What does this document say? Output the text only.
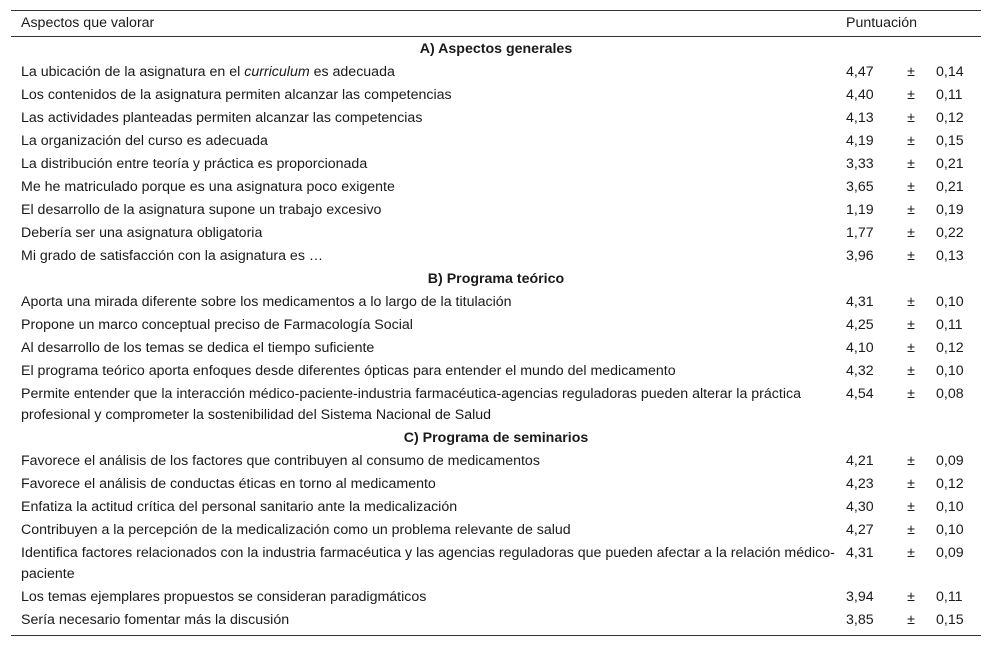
Aspectos que valorar	Puntuación		
A) Aspectos generales			
La ubicación de la asignatura en el curriculum es adecuada	4,47	±	0,14
Los contenidos de la asignatura permiten alcanzar las competencias	4,40	±	0,11
Las actividades planteadas permiten alcanzar las competencias	4,13	±	0,12
La organización del curso es adecuada	4,19	±	0,15
La distribución entre teoría y práctica es proporcionada	3,33	±	0,21
Me he matriculado porque es una asignatura poco exigente	3,65	±	0,21
El desarrollo de la asignatura supone un trabajo excesivo	1,19	±	0,19
Debería ser una asignatura obligatoria	1,77	±	0,22
Mi grado de satisfacción con la asignatura es …	3,96	±	0,13
B) Programa teórico			
Aporta una mirada diferente sobre los medicamentos a lo largo de la titulación	4,31	±	0,10
Propone un marco conceptual preciso de Farmacología Social	4,25	±	0,11
Al desarrollo de los temas se dedica el tiempo suficiente	4,10	±	0,12
El programa teórico aporta enfoques desde diferentes ópticas para entender el mundo del medicamento	4,32	±	0,10
Permite entender que la interacción médico-paciente-industria farmacéutica-agencias reguladoras pueden alterar la práctica profesional y comprometer la sostenibilidad del Sistema Nacional de Salud	4,54	±	0,08
C) Programa de seminarios			
Favorece el análisis de los factores que contribuyen al consumo de medicamentos	4,21	±	0,09
Favorece el análisis de conductas éticas en torno al medicamento	4,23	±	0,12
Enfatiza la actitud crítica del personal sanitario ante la medicalización	4,30	±	0,10
Contribuyen a la percepción de la medicalización como un problema relevante de salud	4,27	±	0,10
Identifica factores relacionados con la industria farmacéutica y las agencias reguladoras que pueden afectar a la relación médico-paciente	4,31	±	0,09
Los temas ejemplares propuestos se consideran paradigmáticos	3,94	±	0,11
Sería necesario fomentar más la discusión	3,85	±	0,15
